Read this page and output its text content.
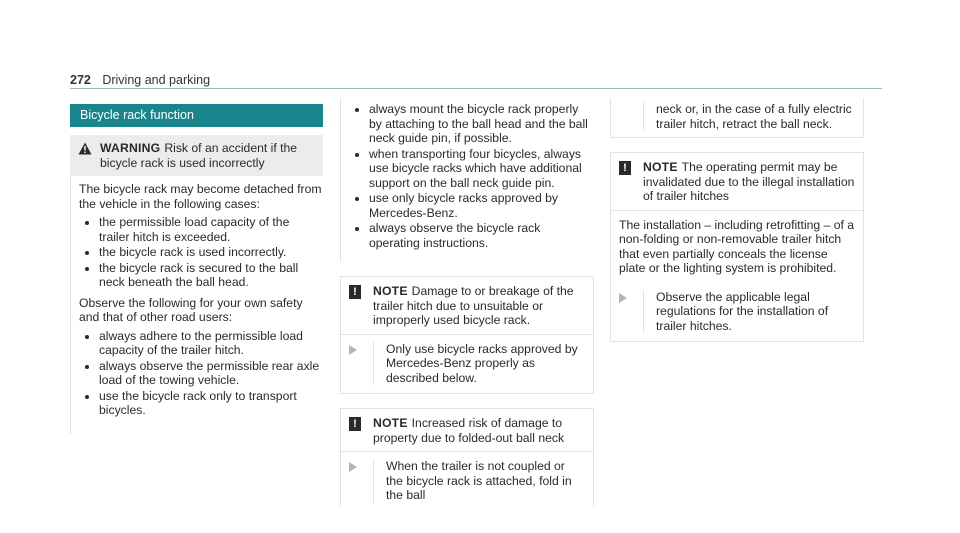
272 Driving and parking
Bicycle rack function
WARNING Risk of an accident if the bicycle rack is used incorrectly

The bicycle rack may become detached from the vehicle in the following cases:

the permissible load capacity of the trailer hitch is exceeded.
the bicycle rack is used incorrectly.
the bicycle rack is secured to the ball neck beneath the ball head.

Observe the following for your own safety and that of other road users:

always adhere to the permissible load capacity of the trailer hitch.
always observe the permissible rear axle load of the towing vehicle.
use the bicycle rack only to transport bicycles.
always mount the bicycle rack properly by attaching to the ball head and the ball neck guide pin, if possible.
when transporting four bicycles, always use bicycle racks which have additional support on the ball neck guide pin.
use only bicycle racks approved by Mercedes-Benz.
always observe the bicycle rack operating instructions.
!	NOTE Damage to or breakage of the trailer hitch due to unsuitable or improperly used bicycle rack.
Only use bicycle racks approved by Mercedes-Benz properly as described below.
!	NOTE Increased risk of damage to property due to folded-out ball neck
When the trailer is not coupled or the bicycle rack is attached, fold in the ball
neck or, in the case of a fully electric trailer hitch, retract the ball neck.
!	NOTE The operating permit may be invalidated due to the illegal installation of trailer hitches

The installation – including retrofitting – of a non-folding or non-removable trailer hitch that even partially conceals the license plate or the lighting system is prohibited.

Observe the applicable legal regulations for the installation of trailer hitches.
